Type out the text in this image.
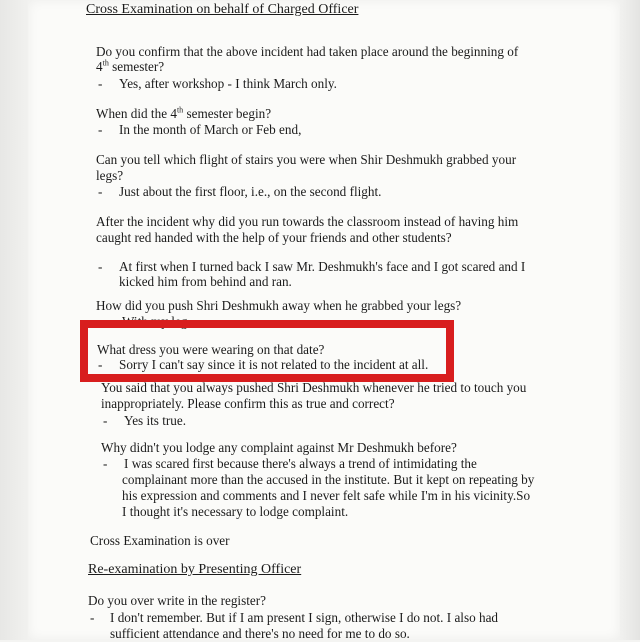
Cross Examination on behalf of Charged Officer
Do you confirm that the above incident had taken place around the beginning of
4th semester?
- Yes, after workshop - I think March only.
When did the 4th semester begin?
- In the month of March or Feb end,
Can you tell which flight of stairs you were when Shir Deshmukh grabbed your
legs?
- Just about the first floor, i.e., on the second flight.
After the incident why did you run towards the classroom instead of having him
caught red handed with the help of your friends and other students?
- At first when I turned back I saw Mr. Deshmukh's face and I got scared and I
kicked him from behind and ran.
How did you push Shri Deshmukh away when he grabbed your legs?
- With my leg
What dress you were wearing on that date?
- Sorry I can't say since it is not related to the incident at all.
You said that you always pushed Shri Deshmukh whenever he tried to touch you
inappropriately. Please confirm this as true and correct?
- Yes its true.
Why didn't you lodge any complaint against Mr Deshmukh before?
- I was scared first because there's always a trend of intimidating the
complainant more than the accused in the institute. But it kept on repeating by
his expression and comments and I never felt safe while I'm in his vicinity.So
I thought it's necessary to lodge complaint.
Cross Examination is over
Re-examination by Presenting Officer
Do you over write in the register?
- I don't remember. But if I am present I sign, otherwise I do not. I also had
sufficient attendance and there's no need for me to do so.
